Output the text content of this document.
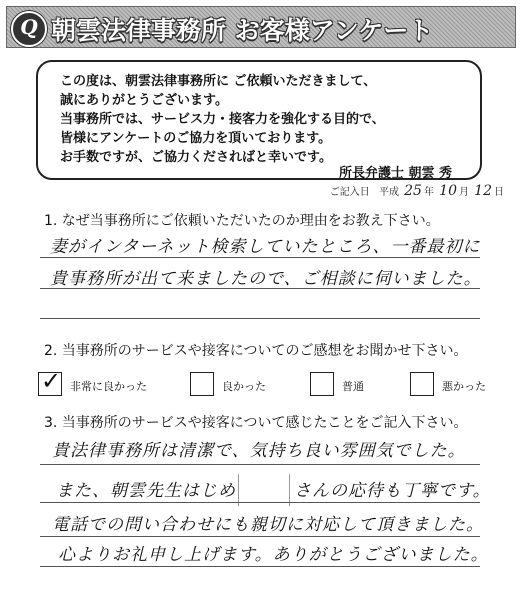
Q 朝雲法律事務所 お客様アンケート
この度は、朝雲法律事務所に ご依頼いただきまして、
誠にありがとうございます。
当事務所では、サービス力・接客力を強化する目的で、
皆様にアンケートのご協力を頂いております。
お手数ですが、ご協力くださればと幸いです。
所長弁護士 朝雲 秀
ご記入日 平成 25 年 10 月 12 日
1. なぜ当事務所にご依頼いただいたのか理由をお教え下さい。
妻がインターネット検索していたところ、一番最初に
貴事務所が出て来ましたので、ご相談に伺いました。
2. 当事務所のサービスや接客についてのご感想をお聞かせ下さい。
✓ 非常に良かった	良かった	普通	悪かった
3. 当事務所のサービスや接客について感じたことをご記入下さい。
貴法律事務所は清潔で、気持ち良い雰囲気でした。
また、朝雲先生はじめ	さんの応待も丁寧です。
電話での問い合わせにも親切に対応して頂きました。
心よりお礼申し上げます。ありがとうございました。
